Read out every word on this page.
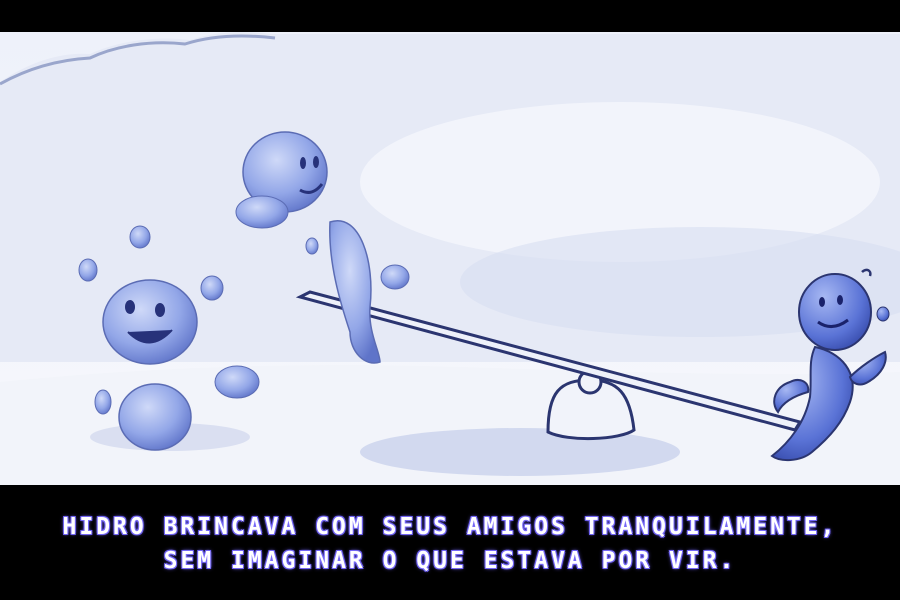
HIDRO BRINCAVA COM SEUS AMIGOS TRANQUILAMENTE,
SEM IMAGINAR O QUE ESTAVA POR VIR.
